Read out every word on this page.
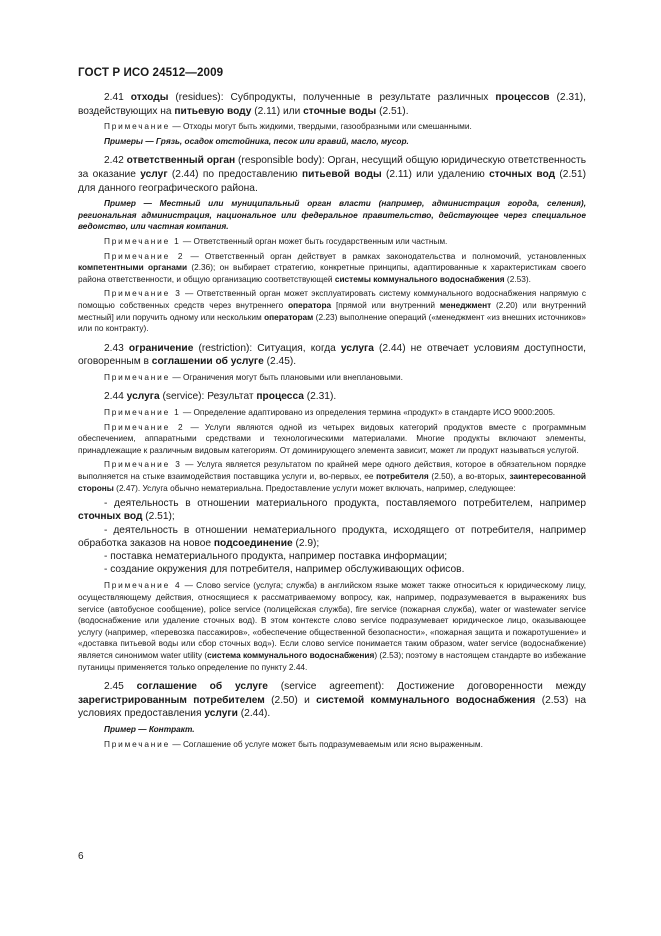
ГОСТ Р ИСО 24512—2009

2.41 отходы (residues): Субпродукты, полученные в результате различных процессов (2.31), воздействующих на питьевую воду (2.11) или сточные воды (2.51).

Примечание — Отходы могут быть жидкими, твердыми, газообразными или смешанными.

Примеры — Грязь, осадок отстойника, песок или гравий, масло, мусор.

2.42 ответственный орган (responsible body): Орган, несущий общую юридическую ответственность за оказание услуг (2.44) по предоставлению питьевой воды (2.11) или удалению сточных вод (2.51) для данного географического района.

Пример — Местный или муниципальный орган власти (например, администрация города, селения), региональная администрация, национальное или федеральное правительство, действующее через специальное ведомство, или частная компания.

Примечание 1 — Ответственный орган может быть государственным или частным.

Примечание 2 — Ответственный орган действует в рамках законодательства и полномочий, установленных компетентными органами (2.36); он выбирает стратегию, конкретные принципы, адаптированные к характеристикам своего района ответственности, и общую организацию соответствующей системы коммунального водоснабжения (2.53).

Примечание 3 — Ответственный орган может эксплуатировать систему коммунального водоснабжения напрямую с помощью собственных средств через внутреннего оператора [прямой или внутренний менеджмент (2.20) или внутренний местный] или поручить одному или нескольким операторам (2.23) выполнение операций («менеджмент «из внешних источников» или по контракту).

2.43 ограничение (restriction): Ситуация, когда услуга (2.44) не отвечает условиям доступности, оговоренным в соглашении об услуге (2.45).

Примечание — Ограничения могут быть плановыми или внеплановыми.

2.44 услуга (service): Результат процесса (2.31).

Примечание 1 — Определение адаптировано из определения термина «продукт» в стандарте ИСО 9000:2005.

Примечание 2 — Услуги являются одной из четырех видовых категорий продуктов вместе с программным обеспечением, аппаратными средствами и технологическими материалами. Многие продукты включают элементы, принадлежащие к различным видовым категориям. От доминирующего элемента зависит, может ли продукт называться услугой.

Примечание 3 — Услуга является результатом по крайней мере одного действия, которое в обязательном порядке выполняется на стыке взаимодействия поставщика услуги и, во-первых, ее потребителя (2.50), а во-вторых, заинтересованной стороны (2.47). Услуга обычно нематериальна. Предоставление услуги может включать, например, следующее:

- деятельность в отношении материального продукта, поставляемого потребителем, например сточных вод (2.51);

- деятельность в отношении нематериального продукта, исходящего от потребителя, например обработка заказов на новое подсоединение (2.9);

- поставка нематериального продукта, например поставка информации;

- создание окружения для потребителя, например обслуживающих офисов.

Примечание 4 — Слово service (услуга; служба) в английском языке может также относиться к юридическому лицу, осуществляющему действия, относящиеся к рассматриваемому вопросу, как, например, подразумевается в выражениях bus service (автобусное сообщение), police service (полицейская служба), fire service (пожарная служба), water or wastewater service (водоснабжение или удаление сточных вод). В этом контексте слово service подразумевает юридическое лицо, оказывающее услугу (например, «перевозка пассажиров», «обеспечение общественной безопасности», «пожарная защита и пожаротушение» и «доставка питьевой воды или сбор сточных вод»). Если слово service понимается таким образом, water service (водоснабжение) является синонимом water utility (система коммунального водоснабжения) (2.53); поэтому в настоящем стандарте во избежание путаницы применяется только определение по пункту 2.44.

2.45 соглашение об услуге (service agreement): Достижение договоренности между зарегистрированным потребителем (2.50) и системой коммунального водоснабжения (2.53) на условиях предоставления услуги (2.44).

Пример — Контракт.

Примечание — Соглашение об услуге может быть подразумеваемым или ясно выраженным.

6
